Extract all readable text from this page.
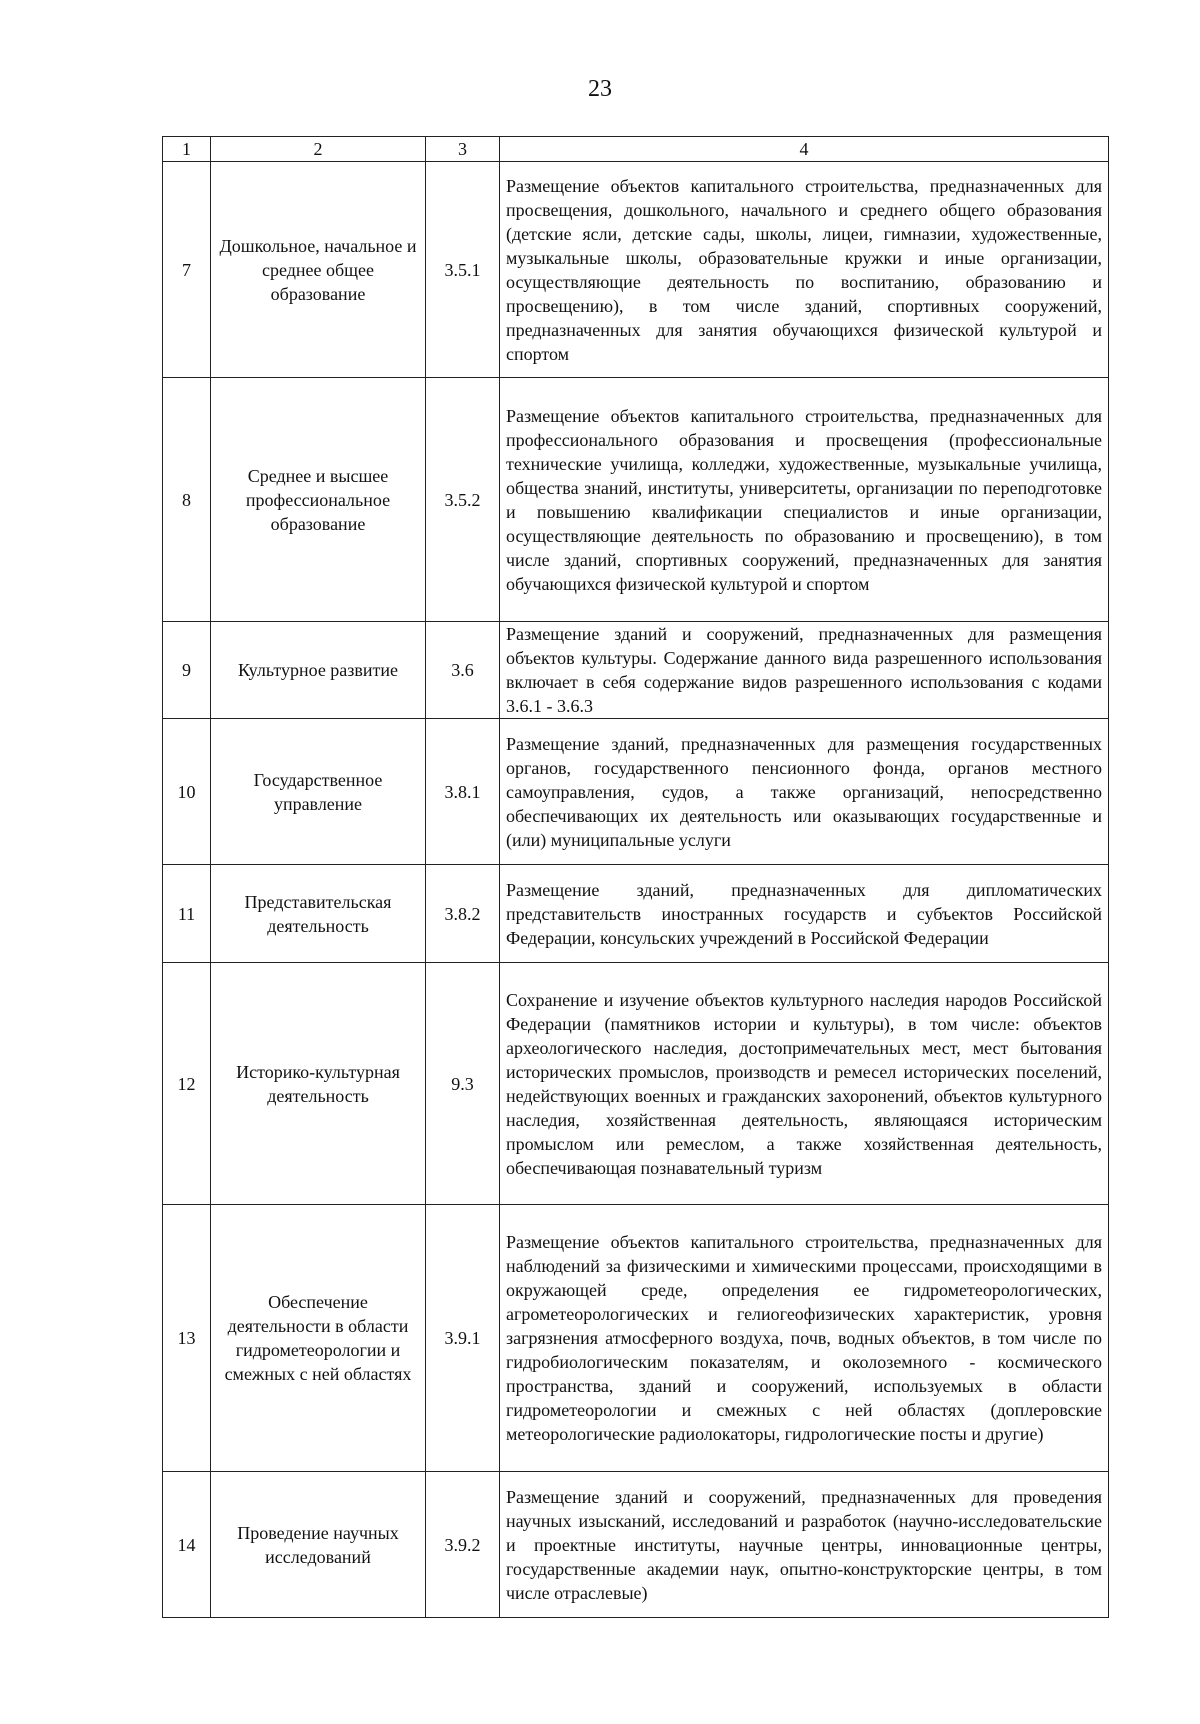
23
1	2	3	4
7	Дошкольное, начальное и среднее общее образование	3.5.1	Размещение объектов капитального строительства, предназначенных для просвещения, дошкольного, начального и среднего общего образования (детские ясли, детские сады, школы, лицеи, гимназии, художественные, музыкальные школы, образовательные кружки и иные организации, осуществляющие деятельность по воспитанию, образованию и просвещению), в том числе зданий, спортивных сооружений, предназначенных для занятия обучающихся физической культурой и спортом
8	Среднее и высшее профессиональное образование	3.5.2	Размещение объектов капитального строительства, предназначенных для профессионального образования и просвещения (профессиональные технические училища, колледжи, художественные, музыкальные училища, общества знаний, институты, университеты, организации по переподготовке и повышению квалификации специалистов и иные организации, осуществляющие деятельность по образованию и просвещению), в том числе зданий, спортивных сооружений, предназначенных для занятия обучающихся физической культурой и спортом
9	Культурное развитие	3.6	Размещение зданий и сооружений, предназначенных для размещения объектов культуры. Содержание данного вида разрешенного использования включает в себя содержание видов разрешенного использования с кодами 3.6.1 - 3.6.3
10	Государственное управление	3.8.1	Размещение зданий, предназначенных для размещения государственных органов, государственного пенсионного фонда, органов местного самоуправления, судов, а также организаций, непосредственно обеспечивающих их деятельность или оказывающих государственные и (или) муниципальные услуги
11	Представительская деятельность	3.8.2	Размещение зданий, предназначенных для дипломатических представительств иностранных государств и субъектов Российской Федерации, консульских учреждений в Российской Федерации
12	Историко-культурная деятельность	9.3	Сохранение и изучение объектов культурного наследия народов Российской Федерации (памятников истории и культуры), в том числе: объектов археологического наследия, достопримечательных мест, мест бытования исторических промыслов, производств и ремесел исторических поселений, недействующих военных и гражданских захоронений, объектов культурного наследия, хозяйственная деятельность, являющаяся историческим промыслом или ремеслом, а также хозяйственная деятельность, обеспечивающая познавательный туризм
13	Обеспечение деятельности в области гидрометеорологии и смежных с ней областях	3.9.1	Размещение объектов капитального строительства, предназначенных для наблюдений за физическими и химическими процессами, происходящими в окружающей среде, определения ее гидрометеорологических, агрометеорологических и гелиогеофизических характеристик, уровня загрязнения атмосферного воздуха, почв, водных объектов, в том числе по гидробиологическим показателям, и околоземного - космического пространства, зданий и сооружений, используемых в области гидрометеорологии и смежных с ней областях (доплеровские метеорологические радиолокаторы, гидрологические посты и другие)
14	Проведение научных исследований	3.9.2	Размещение зданий и сооружений, предназначенных для проведения научных изысканий, исследований и разработок (научно-исследовательские и проектные институты, научные центры, инновационные центры, государственные академии наук, опытно-конструкторские центры, в том числе отраслевые)
